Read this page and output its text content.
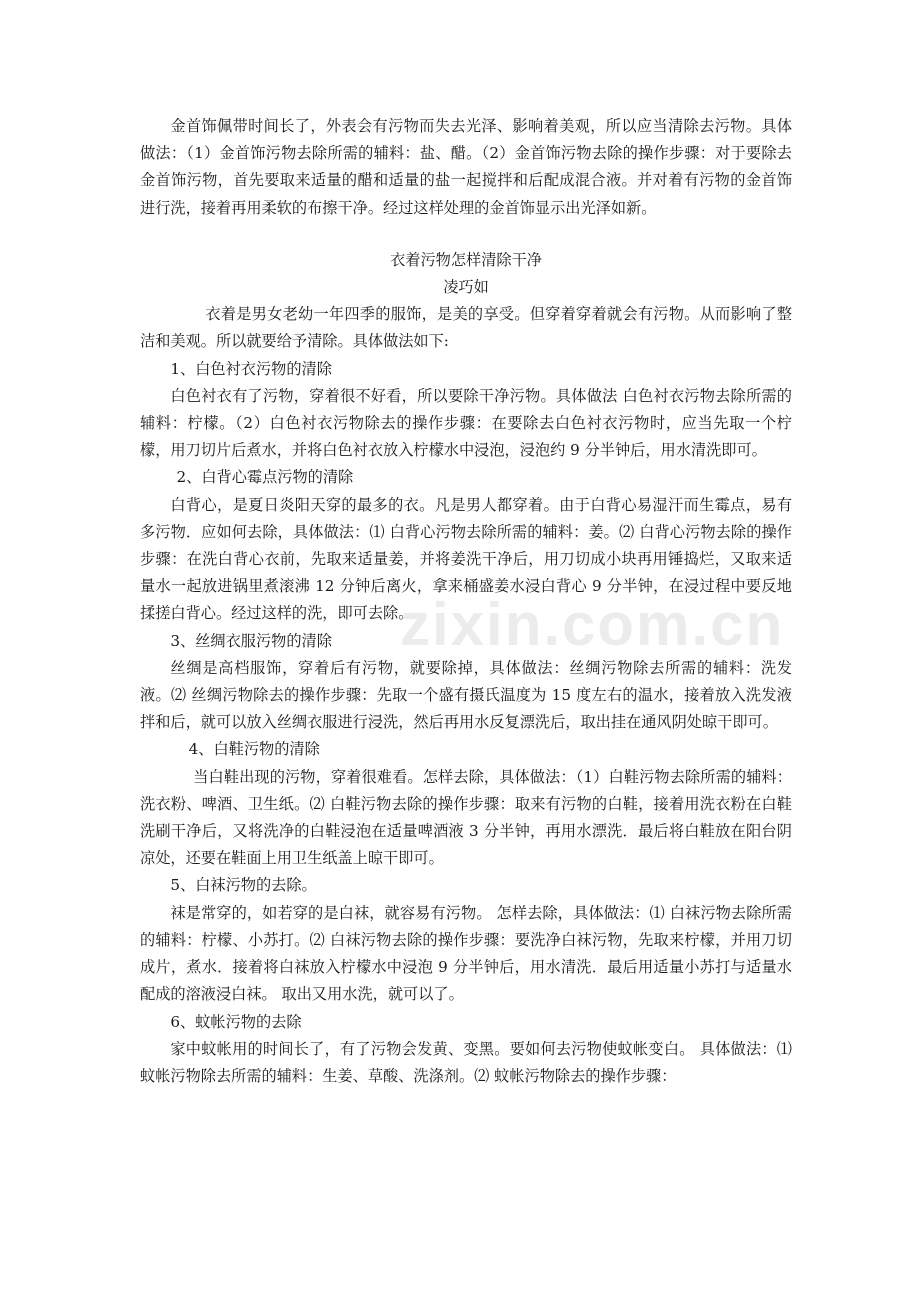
金首饰佩带时间长了，外表会有污物而失去光泽、影响着美观，所以应当清除去污物。具体做法：（1）金首饰污物去除所需的辅料：盐、醋。（2）金首饰污物去除的操作步骤：对于要除去金首饰污物，首先要取来适量的醋和适量的盐一起搅拌和后配成混合液。并对着有污物的金首饰进行洗，接着再用柔软的布擦干净。经过这样处理的金首饰显示出光泽如新。

衣着污物怎样清除干净

凌巧如

衣着是男女老幼一年四季的服饰，是美的享受。但穿着穿着就会有污物。从而影响了整洁和美观。所以就要给予清除。具体做法如下:

1、白色衬衣污物的清除

白色衬衣有了污物，穿着很不好看，所以要除干净污物。具体做法 白色衬衣污物去除所需的辅料：柠檬。（2）白色衬衣污物除去的操作步骤：在要除去白色衬衣污物时，应当先取一个柠檬，用刀切片后煮水，并将白色衬衣放入柠檬水中浸泡，浸泡约 9 分半钟后，用水清洗即可。

2、白背心霉点污物的清除

白背心，是夏日炎阳天穿的最多的衣。凡是男人都穿着。由于白背心易湿汗而生霉点，易有多污物．应如何去除，具体做法：⑴ 白背心污物去除所需的辅料：姜。⑵ 白背心污物去除的操作步骤：在洗白背心衣前，先取来适量姜，并将姜洗干净后，用刀切成小块再用锤捣烂，又取来适量水一起放进锅里煮滚沸 12 分钟后离火，拿来桶盛姜水浸白背心 9 分半钟，在浸过程中要反地揉搓白背心。经过这样的洗，即可去除。

3、丝绸衣服污物的清除

丝绸是高档服饰，穿着后有污物，就要除掉，具体做法：丝绸污物除去所需的辅料：洗发液。⑵ 丝绸污物除去的操作步骤：先取一个盛有摄氏温度为 15 度左右的温水，接着放入洗发液拌和后，就可以放入丝绸衣服进行浸洗，然后再用水反复漂洗后，取出挂在通风阴处晾干即可。

4、白鞋污物的清除

当白鞋出现的污物，穿着很难看。怎样去除，具体做法：（1）白鞋污物去除所需的辅料：洗衣粉、啤酒、卫生纸。⑵ 白鞋污物去除的操作步骤：取来有污物的白鞋，接着用洗衣粉在白鞋洗刷干净后，又将洗净的白鞋浸泡在适量啤酒液 3 分半钟，再用水漂洗．最后将白鞋放在阳台阴凉处，还要在鞋面上用卫生纸盖上晾干即可。

5、白袜污物的去除。

袜是常穿的，如若穿的是白袜，就容易有污物。 怎样去除，具体做法：⑴ 白袜污物去除所需的辅料：柠檬、小苏打。⑵ 白袜污物去除的操作步骤：要洗净白袜污物，先取来柠檬，并用刀切成片，煮水．接着将白袜放入柠檬水中浸泡 9 分半钟后，用水清洗．最后用适量小苏打与适量水配成的溶液浸白袜。 取出又用水洗，就可以了。

6、蚊帐污物的去除

家中蚊帐用的时间长了，有了污物会发黄、变黑。要如何去污物使蚊帐变白。 具体做法：⑴ 蚊帐污物除去所需的辅料：生姜、草酸、洗涤剂。⑵ 蚊帐污物除去的操作步骤：

zixin.com.cn
